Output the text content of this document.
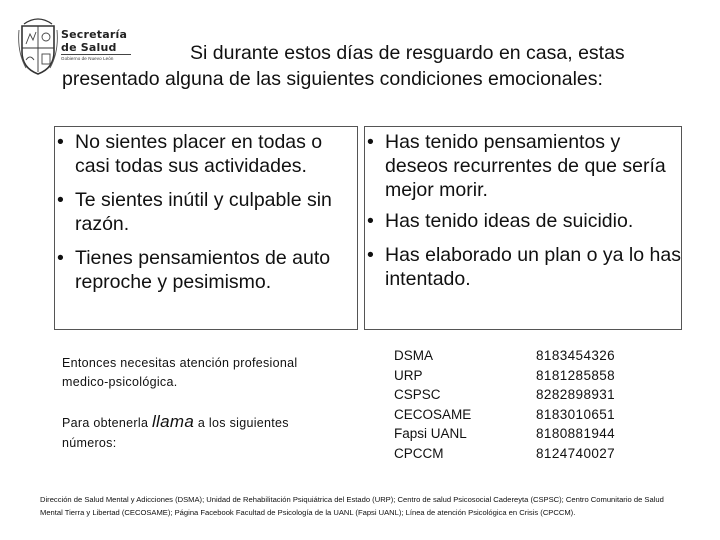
Secretaría
de Salud
Gobierno de Nuevo León	Si durante estos días de resguardo en casa, estas
presentado alguna de las siguientes condiciones emocionales:
• No sientes placer en todas o casi todas sus actividades.
• Te sientes inútil y culpable sin razón.
• Tienes pensamientos de auto reproche y pesimismo.
• Has tenido pensamientos y deseos recurrentes de que sería mejor morir.
• Has tenido ideas de suicidio.
• Has elaborado un plan o ya lo has intentado.
Entonces necesitas atención profesional medico-psicológica.
Para obtenerla llama a los siguientes números:
DSMA	8183454326
URP	8181285858
CSPSC	8282898931
CECOSAME	8183010651
Fapsi UANL	8180881944
CPCCM	8124740027
Dirección de Salud Mental y Adicciones (DSMA); Unidad de Rehabilitación Psiquiátrica del Estado (URP); Centro de salud Psicosocial Cadereyta (CSPSC); Centro Comunitario de Salud Mental Tierra y Libertad (CECOSAME); Página Facebook Facultad de Psicología de la UANL (Fapsi UANL); Línea de atención Psicológica en Crisis (CPCCM).
